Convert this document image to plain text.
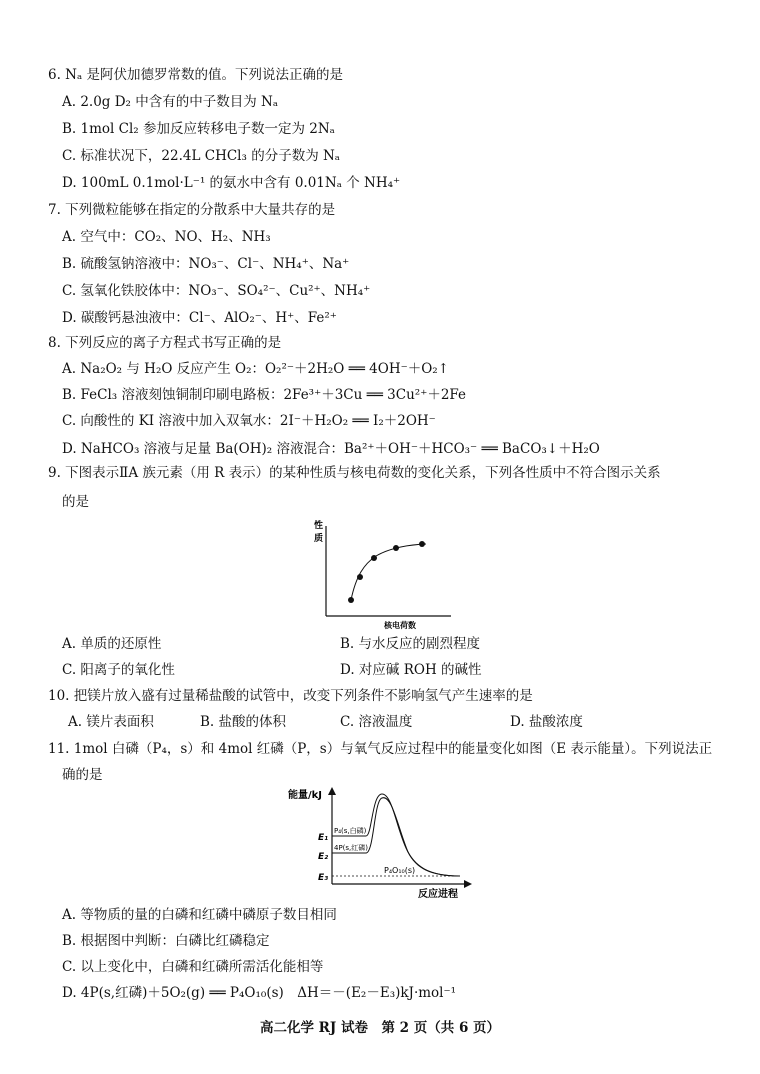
6. Nₐ 是阿伏加德罗常数的值。下列说法正确的是
A. 2.0g D₂ 中含有的中子数目为 Nₐ
B. 1mol Cl₂ 参加反应转移电子数一定为 2Nₐ
C. 标准状况下，22.4L CHCl₃ 的分子数为 Nₐ
D. 100mL 0.1mol·L⁻¹ 的氨水中含有 0.01Nₐ 个 NH₄⁺
7. 下列微粒能够在指定的分散系中大量共存的是
A. 空气中：CO₂、NO、H₂、NH₃
B. 硫酸氢钠溶液中：NO₃⁻、Cl⁻、NH₄⁺、Na⁺
C. 氢氧化铁胶体中：NO₃⁻、SO₄²⁻、Cu²⁺、NH₄⁺
D. 碳酸钙悬浊液中：Cl⁻、AlO₂⁻、H⁺、Fe²⁺
8. 下列反应的离子方程式书写正确的是
A. Na₂O₂ 与 H₂O 反应产生 O₂：O₂²⁻＋2H₂O ══ 4OH⁻＋O₂↑
B. FeCl₃ 溶液刻蚀铜制印刷电路板：2Fe³⁺＋3Cu ══ 3Cu²⁺＋2Fe
C. 向酸性的 KI 溶液中加入双氧水：2I⁻＋H₂O₂ ══ I₂＋2OH⁻
D. NaHCO₃ 溶液与足量 Ba(OH)₂ 溶液混合：Ba²⁺＋OH⁻＋HCO₃⁻ ══ BaCO₃↓＋H₂O
9. 下图表示ⅡA 族元素（用 R 表示）的某种性质与核电荷数的变化关系，下列各性质中不符合图示关系
的是
性
质
核电荷数
A. 单质的还原性	B. 与水反应的剧烈程度
C. 阳离子的氧化性	D. 对应碱 ROH 的碱性
10. 把镁片放入盛有过量稀盐酸的试管中，改变下列条件不影响氢气产生速率的是
A. 镁片表面积	B. 盐酸的体积	C. 溶液温度	D. 盐酸浓度
11. 1mol 白磷（P₄，s）和 4mol 红磷（P，s）与氧气反应过程中的能量变化如图（E 表示能量）。下列说法正
确的是
能量/kJ
E₁
E₂
E₃
P₄(s,白磷)
4P(s,红磷)
P₄O₁₀(s)
反应进程
A. 等物质的量的白磷和红磷中磷原子数目相同
B. 根据图中判断：白磷比红磷稳定
C. 以上变化中，白磷和红磷所需活化能相等
D. 4P(s,红磷)＋5O₂(g) ══ P₄O₁₀(s)　ΔH＝－(E₂－E₃)kJ·mol⁻¹
高二化学 RJ 试卷　第 2 页（共 6 页）
